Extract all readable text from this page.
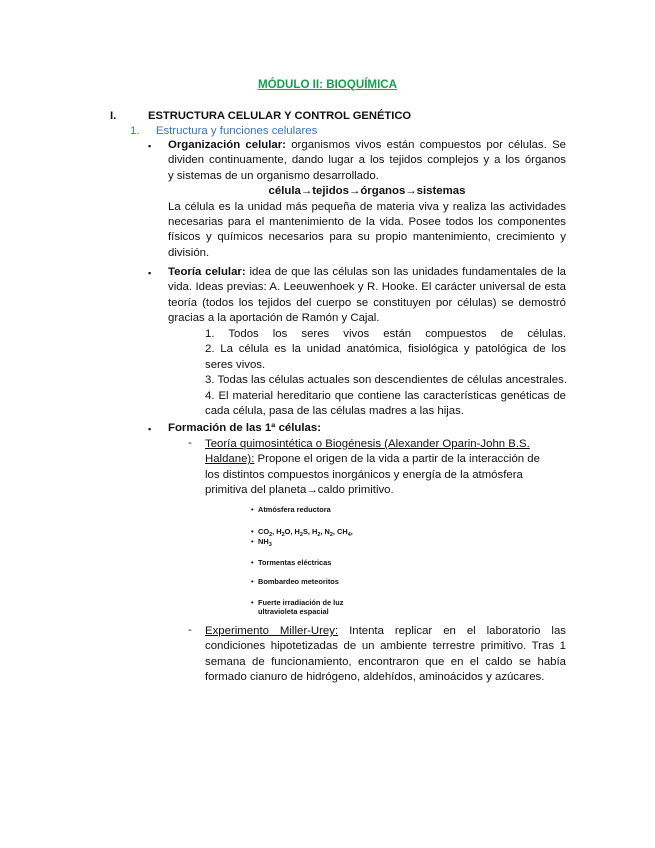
MÓDULO II: BIOQUÍMICA
I.	ESTRUCTURA CELULAR Y CONTROL GENÉTICO
1. Estructura y funciones celulares
▪ Organización celular: organismos vivos están compuestos por células. Se
dividen continuamente, dando lugar a los tejidos complejos y a los órganos
y sistemas de un organismo desarrollado.
célula→tejidos→órganos→sistemas
La célula es la unidad más pequeña de materia viva y realiza las actividades
necesarias para el mantenimiento de la vida. Posee todos los componentes
físicos y químicos necesarios para su propio mantenimiento, crecimiento y
división.
▪ Teoría celular: idea de que las células son las unidades fundamentales de la
vida. Ideas previas: A. Leeuwenhoek y R. Hooke. El carácter universal de esta
teoría (todos los tejidos del cuerpo se constituyen por células) se demostró
gracias a la aportación de Ramón y Cajal.
1. Todos los seres vivos están compuestos de células.
2. La célula es la unidad anatómica, fisiológica y patológica de los
seres vivos.
3. Todas las células actuales son descendientes de células ancestrales.
4. El material hereditario que contiene las características genéticas de
cada célula, pasa de las células madres a las hijas.
▪ Formación de las 1ª células:
- Teoría quimosintética o Biogénesis (Alexander Oparin-John B.S.
Haldane): Propone el origen de la vida a partir de la interacción de
los distintos compuestos inorgánicos y energía de la atmósfera
primitiva del planeta→caldo primitivo.
• Atmósfera reductora
• $CO_2$, $H_2O$, $H_2S$, $H_2$, $N_2$, $CH_4$,
• $NH_3$
• Tormentas eléctricas
• Bombardeo meteoritos
• Fuerte irradiación de luz
ultravioleta espacial
- Experimento Miller-Urey: Intenta replicar en el laboratorio las
condiciones hipotetizadas de un ambiente terrestre primitivo. Tras 1
semana de funcionamiento, encontraron que en el caldo se había
formado cianuro de hidrógeno, aldehídos, aminoácidos y azúcares.
